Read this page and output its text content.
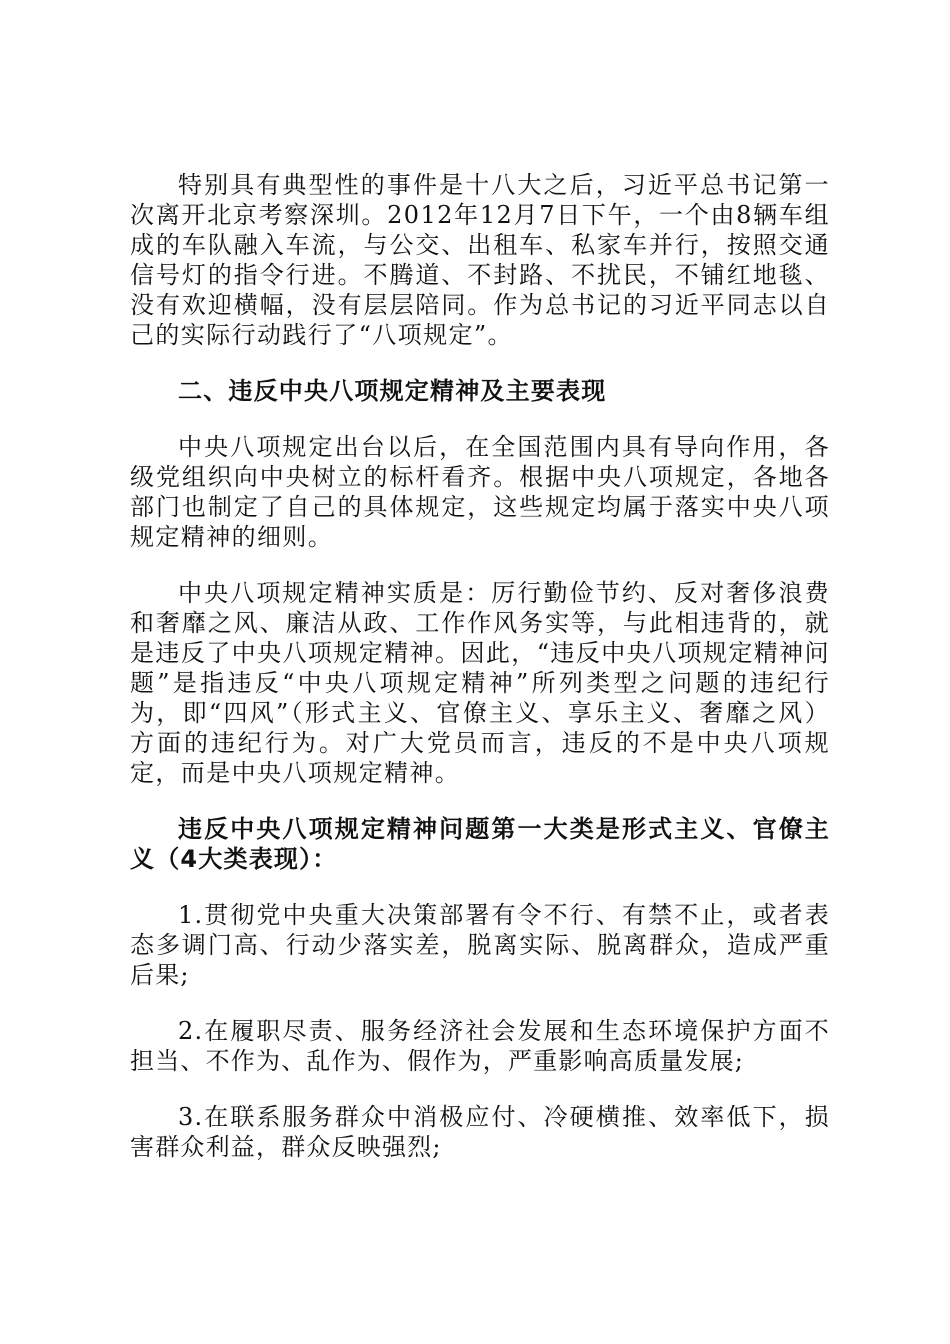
特别具有典型性的事件是十八大之后，习近平总书记第一次离开北京考察深圳。2012年12月7日下午，一个由8辆车组成的车队融入车流，与公交、出租车、私家车并行，按照交通信号灯的指令行进。不腾道、不封路、不扰民，不铺红地毯、没有欢迎横幅，没有层层陪同。作为总书记的习近平同志以自己的实际行动践行了“八项规定”。

二、违反中央八项规定精神及主要表现

中央八项规定出台以后，在全国范围内具有导向作用，各级党组织向中央树立的标杆看齐。根据中央八项规定，各地各部门也制定了自己的具体规定，这些规定均属于落实中央八项规定精神的细则。

中央八项规定精神实质是：厉行勤俭节约、反对奢侈浪费和奢靡之风、廉洁从政、工作作风务实等，与此相违背的，就是违反了中央八项规定精神。因此，“违反中央八项规定精神问题”是指违反“中央八项规定精神”所列类型之问题的违纪行为，即“四风”（形式主义、官僚主义、享乐主义、奢靡之风）方面的违纪行为。对广大党员而言，违反的不是中央八项规定，而是中央八项规定精神。

违反中央八项规定精神问题第一大类是形式主义、官僚主义（4大类表现）：

1.贯彻党中央重大决策部署有令不行、有禁不止，或者表态多调门高、行动少落实差，脱离实际、脱离群众，造成严重后果;

2.在履职尽责、服务经济社会发展和生态环境保护方面不担当、不作为、乱作为、假作为，严重影响高质量发展;

3.在联系服务群众中消极应付、冷硬横推、效率低下，损害群众利益，群众反映强烈;
